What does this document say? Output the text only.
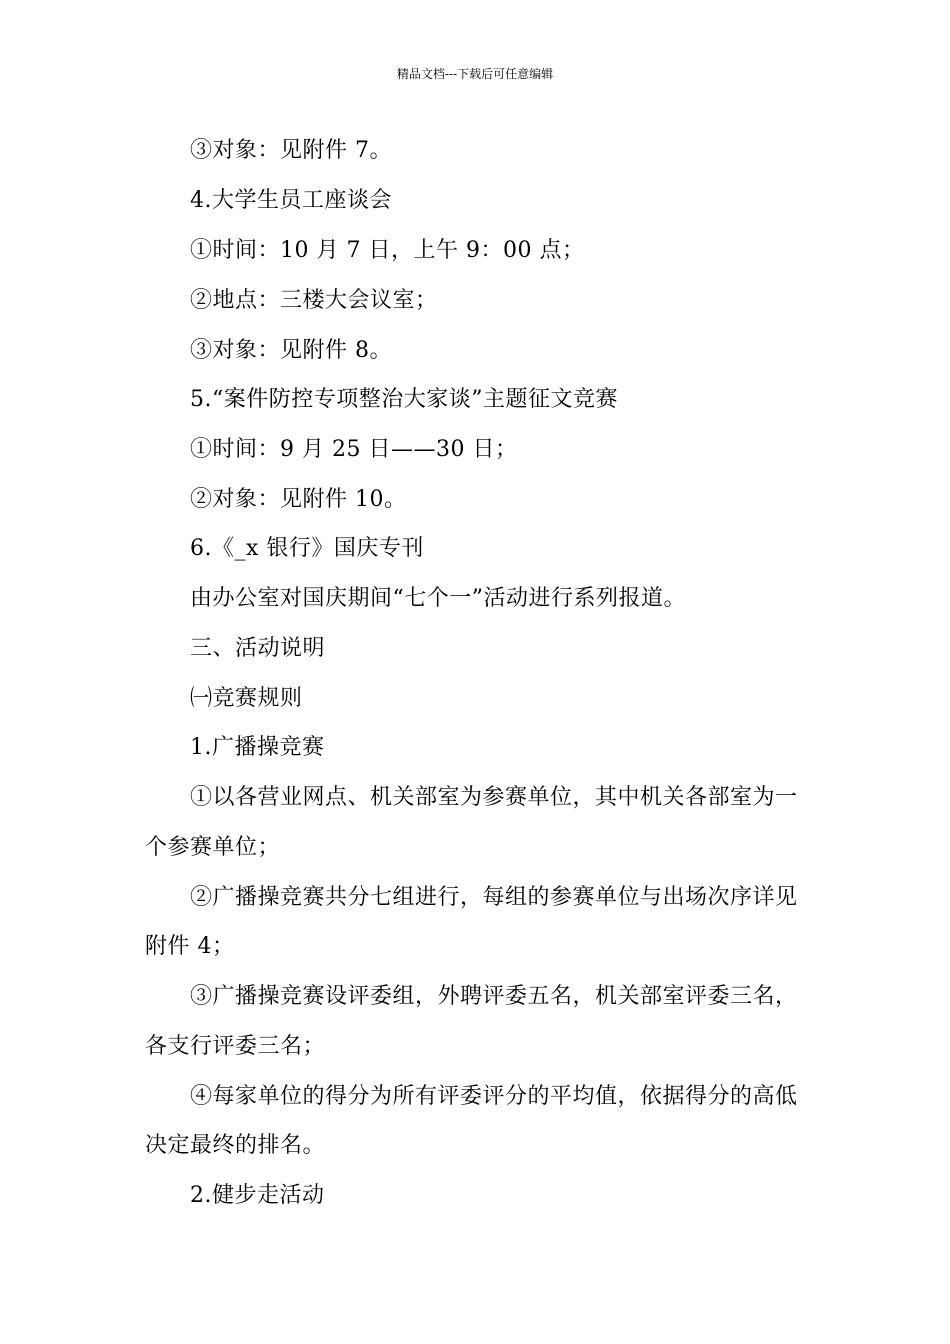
精品文档---下载后可任意编辑
③对象：见附件 7。
4.大学生员工座谈会
①时间：10 月 7 日，上午 9：00 点；
②地点：三楼大会议室；
③对象：见附件 8。
5.“案件防控专项整治大家谈”主题征文竞赛
①时间：9 月 25 日——30 日；
②对象：见附件 10。
6.《_x 银行》国庆专刊
由办公室对国庆期间“七个一”活动进行系列报道。
三、活动说明
㈠竞赛规则
1.广播操竞赛
①以各营业网点、机关部室为参赛单位，其中机关各部室为一
个参赛单位；
②广播操竞赛共分七组进行，每组的参赛单位与出场次序详见
附件 4；
③广播操竞赛设评委组，外聘评委五名，机关部室评委三名，
各支行评委三名；
④每家单位的得分为所有评委评分的平均值，依据得分的高低
决定最终的排名。
2.健步走活动
